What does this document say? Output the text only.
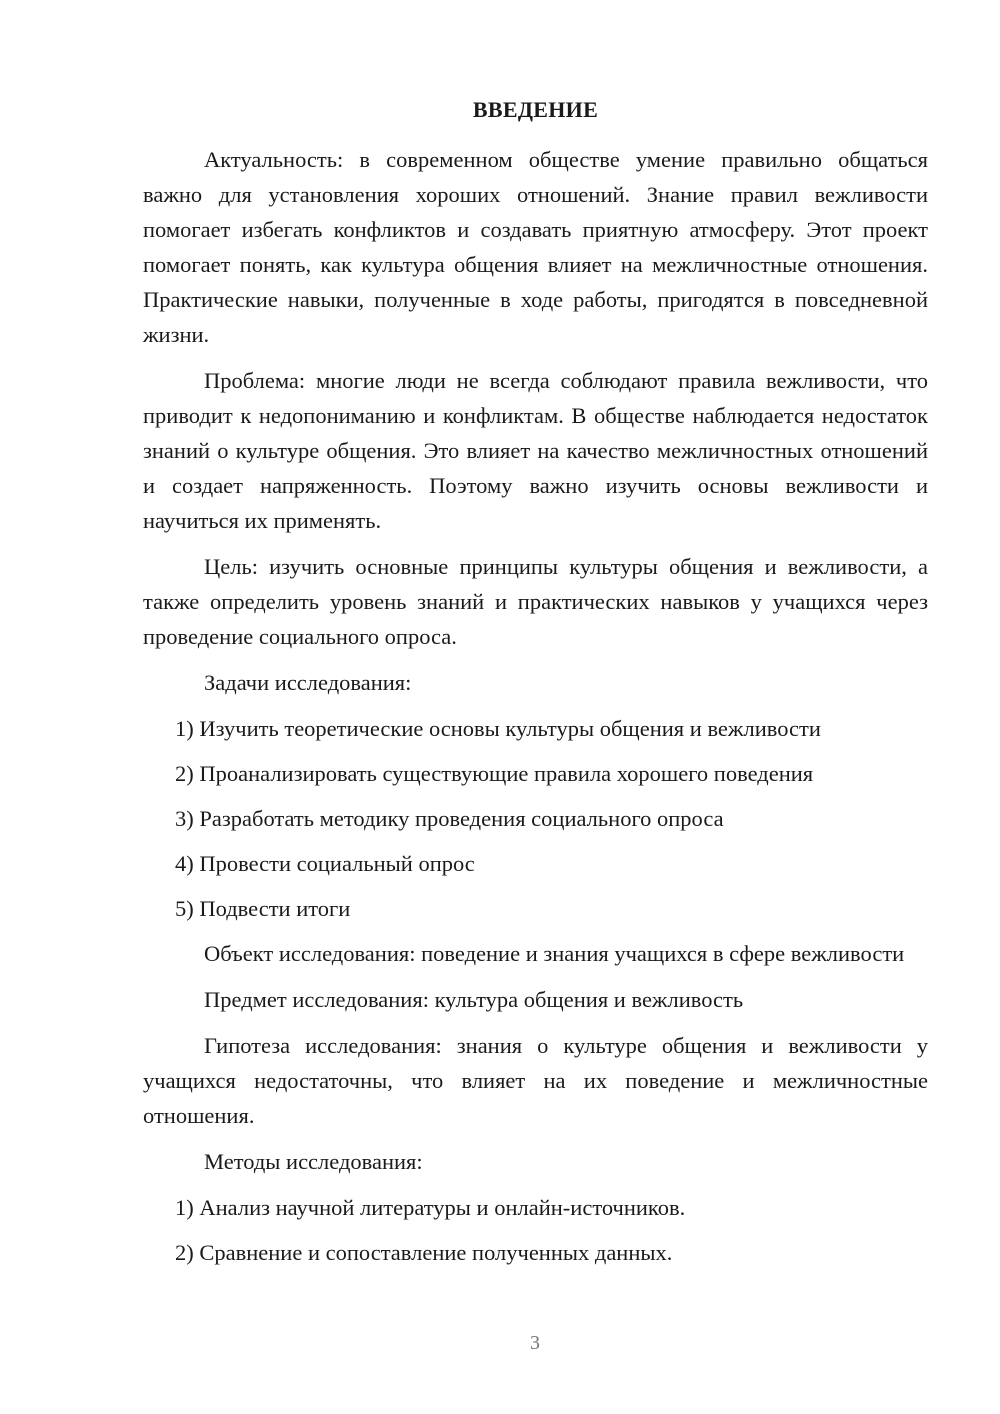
ВВЕДЕНИЕ

Актуальность: в современном обществе умение правильно общаться важно для установления хороших отношений. Знание правил вежливости помогает избегать конфликтов и создавать приятную атмосферу. Этот проект помогает понять, как культура общения влияет на межличностные отношения. Практические навыки, полученные в ходе работы, пригодятся в повседневной жизни.

Проблема: многие люди не всегда соблюдают правила вежливости, что приводит к недопониманию и конфликтам. В обществе наблюдается недостаток знаний о культуре общения. Это влияет на качество межличностных отношений и создает напряженность. Поэтому важно изучить основы вежливости и научиться их применять.

Цель: изучить основные принципы культуры общения и вежливости, а также определить уровень знаний и практических навыков у учащихся через проведение социального опроса.

Задачи исследования:

1) Изучить теоретические основы культуры общения и вежливости
2) Проанализировать существующие правила хорошего поведения
3) Разработать методику проведения социального опроса
4) Провести социальный опрос
5) Подвести итоги

Объект исследования: поведение и знания учащихся в сфере вежливости

Предмет исследования: культура общения и вежливость

Гипотеза исследования: знания о культуре общения и вежливости у учащихся недостаточны, что влияет на их поведение и межличностные отношения.

Методы исследования:

1) Анализ научной литературы и онлайн-источников.
2) Сравнение и сопоставление полученных данных.
3
